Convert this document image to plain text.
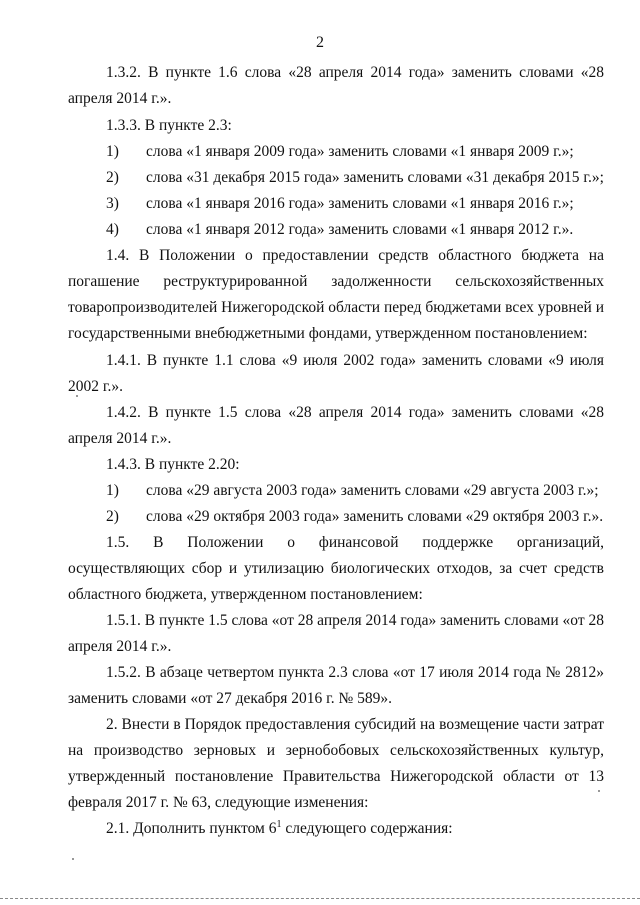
2
1.3.2. В пункте 1.6 слова «28 апреля 2014 года» заменить словами «28 апреля 2014 г.».
1.3.3. В пункте 2.3:
1)	слова «1 января 2009 года» заменить словами «1 января 2009 г.»;
2)	слова «31 декабря 2015 года» заменить словами «31 декабря 2015 г.»;
3)	слова «1 января 2016 года» заменить словами «1 января 2016 г.»;
4)	слова «1 января 2012 года» заменить словами «1 января 2012 г.».
1.4. В Положении о предоставлении средств областного бюджета на погашение реструктурированной задолженности сельскохозяйственных товаропроизводителей Нижегородской области перед бюджетами всех уровней и государственными внебюджетными фондами, утвержденном постановлением:
1.4.1. В пункте 1.1 слова «9 июля 2002 года» заменить словами «9 июля 2002 г.».
1.4.2. В пункте 1.5 слова «28 апреля 2014 года» заменить словами «28 апреля 2014 г.».
1.4.3. В пункте 2.20:
1)	слова «29 августа 2003 года» заменить словами «29 августа 2003 г.»;
2)	слова «29 октября 2003 года» заменить словами «29 октября 2003 г.».
1.5. В Положении о финансовой поддержке организаций, осуществляющих сбор и утилизацию биологических отходов, за счет средств областного бюджета, утвержденном постановлением:
1.5.1. В пункте 1.5 слова «от 28 апреля 2014 года» заменить словами «от 28 апреля 2014 г.».
1.5.2. В абзаце четвертом пункта 2.3 слова «от 17 июля 2014 года № 2812» заменить словами «от 27 декабря 2016 г. № 589».
2. Внести в Порядок предоставления субсидий на возмещение части затрат на производство зерновых и зернобобовых сельскохозяйственных культур, утвержденный постановление Правительства Нижегородской области от 13 февраля 2017 г. № 63, следующие изменения:
2.1. Дополнить пунктом $6^1$ следующего содержания:
